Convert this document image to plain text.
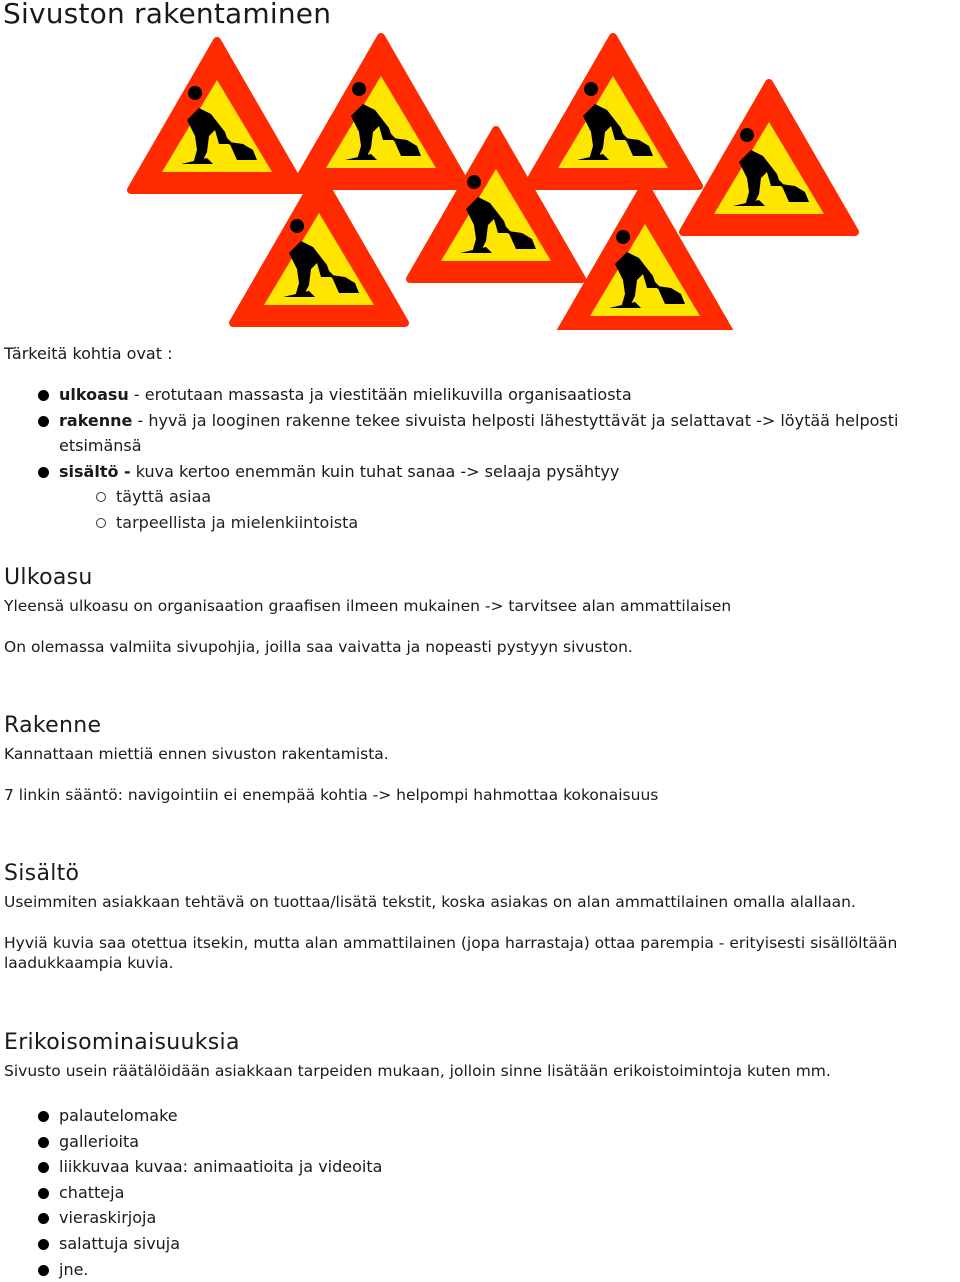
Sivuston rakentaminen

Tärkeitä kohtia ovat :

ulkoasu - erotutaan massasta ja viestitään mielikuvilla organisaatiosta
rakenne - hyvä ja looginen rakenne tekee sivuista helposti lähestyttävät ja selattavat -> löytää helposti etsimänsä
sisältö - kuva kertoo enemmän kuin tuhat sanaa -> selaaja pysähtyy
täyttä asiaa
tarpeellista ja mielenkiintoista
Ulkoasu

Yleensä ulkoasu on organisaation graafisen ilmeen mukainen -> tarvitsee alan ammattilaisen

On olemassa valmiita sivupohjia, joilla saa vaivatta ja nopeasti pystyyn sivuston.

Rakenne

Kannattaan miettiä ennen sivuston rakentamista.

7 linkin sääntö: navigointiin ei enempää kohtia -> helpompi hahmottaa kokonaisuus

Sisältö

Useimmiten asiakkaan tehtävä on tuottaa/lisätä tekstit, koska asiakas on alan ammattilainen omalla alallaan.

Hyviä kuvia saa otettua itsekin, mutta alan ammattilainen (jopa harrastaja) ottaa parempia - erityisesti sisällöltään laadukkaampia kuvia.

Erikoisominaisuuksia

Sivusto usein räätälöidään asiakkaan tarpeiden mukaan, jolloin sinne lisätään erikoistoimintoja kuten mm.

palautelomake
gallerioita
liikkuvaa kuvaa: animaatioita ja videoita
chatteja
vieraskirjoja
salattuja sivuja
jne.
